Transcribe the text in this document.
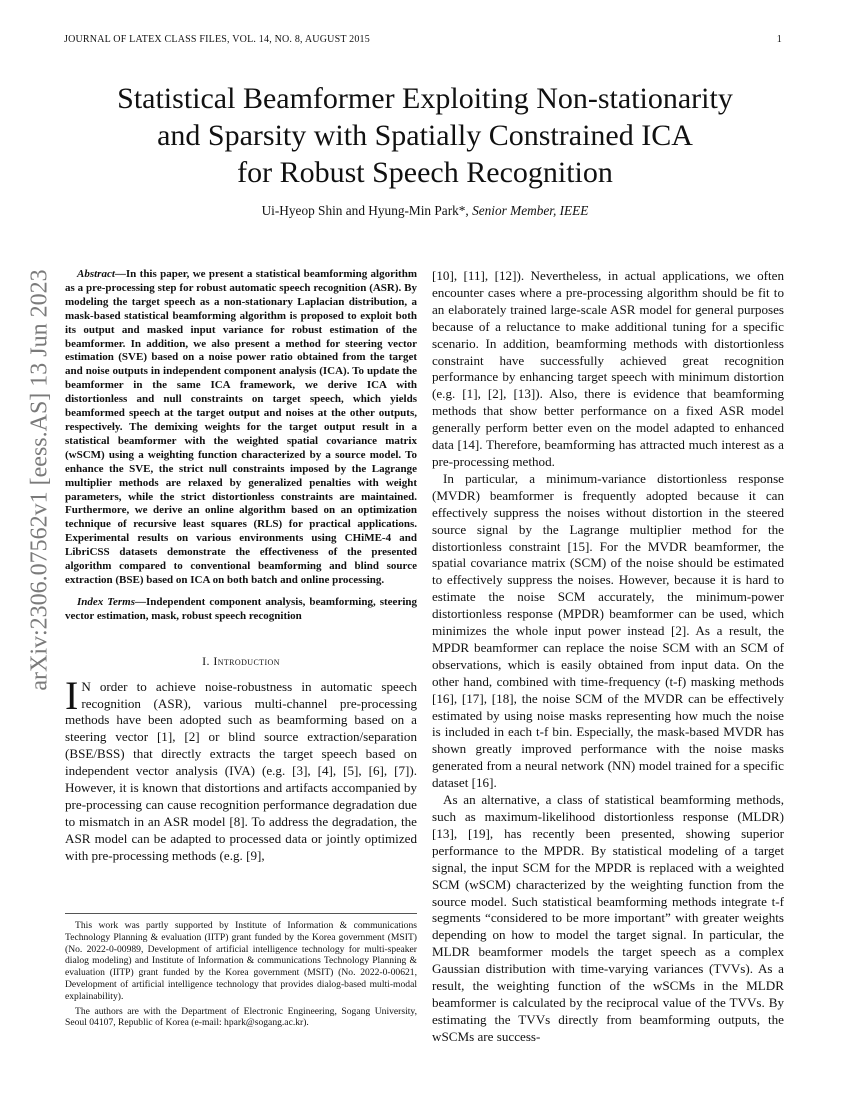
JOURNAL OF LATEX CLASS FILES, VOL. 14, NO. 8, AUGUST 2015	1
arXiv:2306.07562v1 [eess.AS] 13 Jun 2023
Statistical Beamformer Exploiting Non-stationarity
and Sparsity with Spatially Constrained ICA
for Robust Speech Recognition
Ui-Hyeop Shin and Hyung-Min Park*, Senior Member, IEEE

Abstract—In this paper, we present a statistical beamforming algorithm as a pre-processing step for robust automatic speech recognition (ASR). By modeling the target speech as a non-stationary Laplacian distribution, a mask-based statistical beamforming algorithm is proposed to exploit both its output and masked input variance for robust estimation of the beamformer. In addition, we also present a method for steering vector estimation (SVE) based on a noise power ratio obtained from the target and noise outputs in independent component analysis (ICA). To update the beamformer in the same ICA framework, we derive ICA with distortionless and null constraints on target speech, which yields beamformed speech at the target output and noises at the other outputs, respectively. The demixing weights for the target output result in a statistical beamformer with the weighted spatial covariance matrix (wSCM) using a weighting function characterized by a source model. To enhance the SVE, the strict null constraints imposed by the Lagrange multiplier methods are relaxed by generalized penalties with weight parameters, while the strict distortionless constraints are maintained. Furthermore, we derive an online algorithm based on an optimization technique of recursive least squares (RLS) for practical applications. Experimental results on various environments using CHiME-4 and LibriCSS datasets demonstrate the effectiveness of the presented algorithm compared to conventional beamforming and blind source extraction (BSE) based on ICA on both batch and online processing.

Index Terms—Independent component analysis, beamforming, steering vector estimation, mask, robust speech recognition

I. Introduction

I N order to achieve noise-robustness in automatic speech recognition (ASR), various multi-channel pre-processing methods have been adopted such as beamforming based on a steering vector [1], [2] or blind source extraction/separation (BSE/BSS) that directly extracts the target speech based on independent vector analysis (IVA) (e.g. [3], [4], [5], [6], [7]). However, it is known that distortions and artifacts accompanied by pre-processing can cause recognition performance degradation due to mismatch in an ASR model [8]. To address the degradation, the ASR model can be adapted to processed data or jointly optimized with pre-processing methods (e.g. [9],

This work was partly supported by Institute of Information & communications Technology Planning & evaluation (IITP) grant funded by the Korea government (MSIT) (No. 2022-0-00989, Development of artificial intelligence technology for multi-speaker dialog modeling) and Institute of Information & communications Technology Planning & evaluation (IITP) grant funded by the Korea government (MSIT) (No. 2022-0-00621, Development of artificial intelligence technology that provides dialog-based multi-modal explainability).

The authors are with the Department of Electronic Engineering, Sogang University, Seoul 04107, Republic of Korea (e-mail: hpark@sogang.ac.kr).

[10], [11], [12]). Nevertheless, in actual applications, we often encounter cases where a pre-processing algorithm should be fit to an elaborately trained large-scale ASR model for general purposes because of a reluctance to make additional tuning for a specific scenario. In addition, beamforming methods with distortionless constraint have successfully achieved great recognition performance by enhancing target speech with minimum distortion (e.g. [1], [2], [13]). Also, there is evidence that beamforming methods that show better performance on a fixed ASR model generally perform better even on the model adapted to enhanced data [14]. Therefore, beamforming has attracted much interest as a pre-processing method.

In particular, a minimum-variance distortionless response (MVDR) beamformer is frequently adopted because it can effectively suppress the noises without distortion in the steered source signal by the Lagrange multiplier method for the distortionless constraint [15]. For the MVDR beamformer, the spatial covariance matrix (SCM) of the noise should be estimated to effectively suppress the noises. However, because it is hard to estimate the noise SCM accurately, the minimum-power distortionless response (MPDR) beamformer can be used, which minimizes the whole input power instead [2]. As a result, the MPDR beamformer can replace the noise SCM with an SCM of observations, which is easily obtained from input data. On the other hand, combined with time-frequency (t-f) masking methods [16], [17], [18], the noise SCM of the MVDR can be effectively estimated by using noise masks representing how much the noise is included in each t-f bin. Especially, the mask-based MVDR has shown greatly improved performance with the noise masks generated from a neural network (NN) model trained for a specific dataset [16].

As an alternative, a class of statistical beamforming methods, such as maximum-likelihood distortionless response (MLDR) [13], [19], has recently been presented, showing superior performance to the MPDR. By statistical modeling of a target signal, the input SCM for the MPDR is replaced with a weighted SCM (wSCM) characterized by the weighting function from the source model. Such statistical beamforming methods integrate t-f segments “considered to be more important” with greater weights depending on how to model the target signal. In particular, the MLDR beamformer models the target speech as a complex Gaussian distribution with time-varying variances (TVVs). As a result, the weighting function of the wSCMs in the MLDR beamformer is calculated by the reciprocal value of the TVVs. By estimating the TVVs directly from beamforming outputs, the wSCMs are success-
